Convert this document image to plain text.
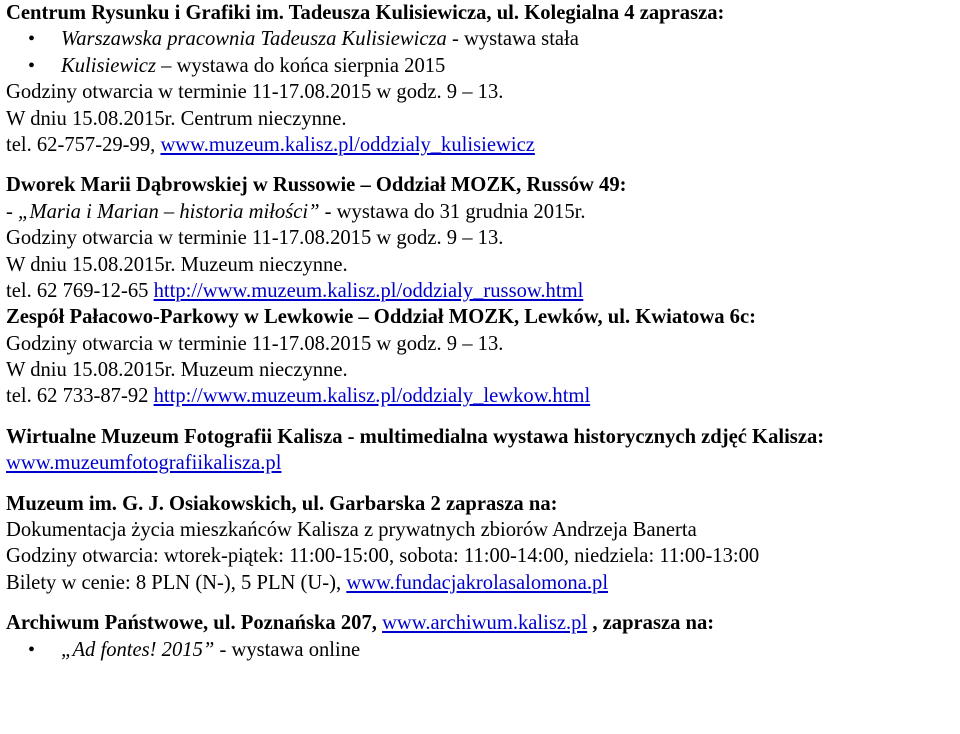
Centrum Rysunku i Grafiki im. Tadeusza Kulisiewicza, ul. Kolegialna 4 zaprasza:
• Warszawska pracownia Tadeusza Kulisiewicza - wystawa stała
• Kulisiewicz – wystawa do końca sierpnia 2015
Godziny otwarcia w terminie 11-17.08.2015 w godz. 9 – 13.
W dniu 15.08.2015r. Centrum nieczynne.
tel. 62-757-29-99, www.muzeum.kalisz.pl/oddzialy_kulisiewicz
Dworek Marii Dąbrowskiej w Russowie – Oddział MOZK, Russów 49:
- „Maria i Marian – historia miłości” - wystawa do 31 grudnia 2015r.
Godziny otwarcia w terminie 11-17.08.2015 w godz. 9 – 13.
W dniu 15.08.2015r. Muzeum nieczynne.
tel. 62 769-12-65 http://www.muzeum.kalisz.pl/oddzialy_russow.html
Zespół Pałacowo-Parkowy w Lewkowie – Oddział MOZK, Lewków, ul. Kwiatowa 6c:
Godziny otwarcia w terminie 11-17.08.2015 w godz. 9 – 13.
W dniu 15.08.2015r. Muzeum nieczynne.
tel. 62 733-87-92 http://www.muzeum.kalisz.pl/oddzialy_lewkow.html
Wirtualne Muzeum Fotografii Kalisza - multimedialna wystawa historycznych zdjęć Kalisza:
www.muzeumfotografiikalisza.pl
Muzeum im. G. J. Osiakowskich, ul. Garbarska 2 zaprasza na:
Dokumentacja życia mieszkańców Kalisza z prywatnych zbiorów Andrzeja Banerta
Godziny otwarcia: wtorek-piątek: 11:00-15:00, sobota: 11:00-14:00, niedziela: 11:00-13:00
Bilety w cenie: 8 PLN (N-), 5 PLN (U-), www.fundacjakrolasalomona.pl
Archiwum Państwowe, ul. Poznańska 207, www.archiwum.kalisz.pl , zaprasza na:
• „Ad fontes! 2015” - wystawa online
